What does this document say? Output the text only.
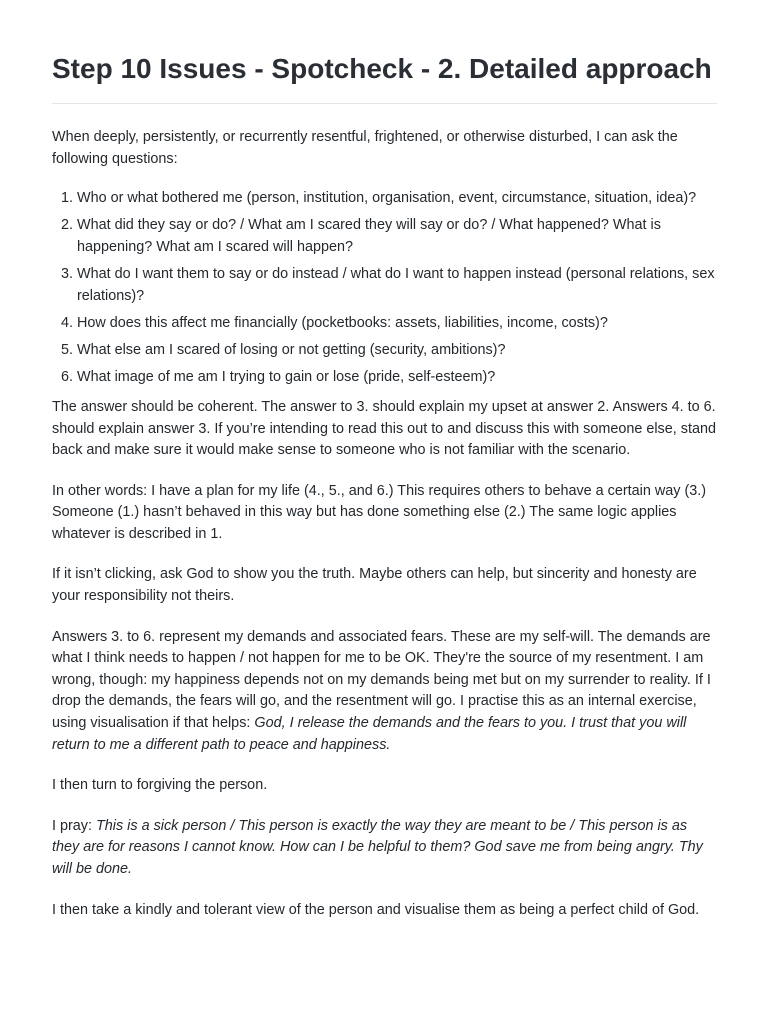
Step 10 Issues - Spotcheck - 2. Detailed approach

When deeply, persistently, or recurrently resentful, frightened, or otherwise disturbed, I can ask the following questions:

1. Who or what bothered me (person, institution, organisation, event, circumstance, situation, idea)?
2. What did they say or do? / What am I scared they will say or do? / What happened? What is happening? What am I scared will happen?
3. What do I want them to say or do instead / what do I want to happen instead (personal relations, sex relations)?
4. How does this affect me financially (pocketbooks: assets, liabilities, income, costs)?
5. What else am I scared of losing or not getting (security, ambitions)?
6. What image of me am I trying to gain or lose (pride, self-esteem)?

The answer should be coherent. The answer to 3. should explain my upset at answer 2. Answers 4. to 6. should explain answer 3. If you’re intending to read this out to and discuss this with someone else, stand back and make sure it would make sense to someone who is not familiar with the scenario.

In other words: I have a plan for my life (4., 5., and 6.) This requires others to behave a certain way (3.) Someone (1.) hasn’t behaved in this way but has done something else (2.) The same logic applies whatever is described in 1.

If it isn’t clicking, ask God to show you the truth. Maybe others can help, but sincerity and honesty are your responsibility not theirs.

Answers 3. to 6. represent my demands and associated fears. These are my self-will. The demands are what I think needs to happen / not happen for me to be OK. They're the source of my resentment. I am wrong, though: my happiness depends not on my demands being met but on my surrender to reality. If I drop the demands, the fears will go, and the resentment will go. I practise this as an internal exercise, using visualisation if that helps: God, I release the demands and the fears to you. I trust that you will return to me a different path to peace and happiness.

I then turn to forgiving the person.

I pray: This is a sick person / This person is exactly the way they are meant to be / This person is as they are for reasons I cannot know. How can I be helpful to them? God save me from being angry. Thy will be done.

I then take a kindly and tolerant view of the person and visualise them as being a perfect child of God.
